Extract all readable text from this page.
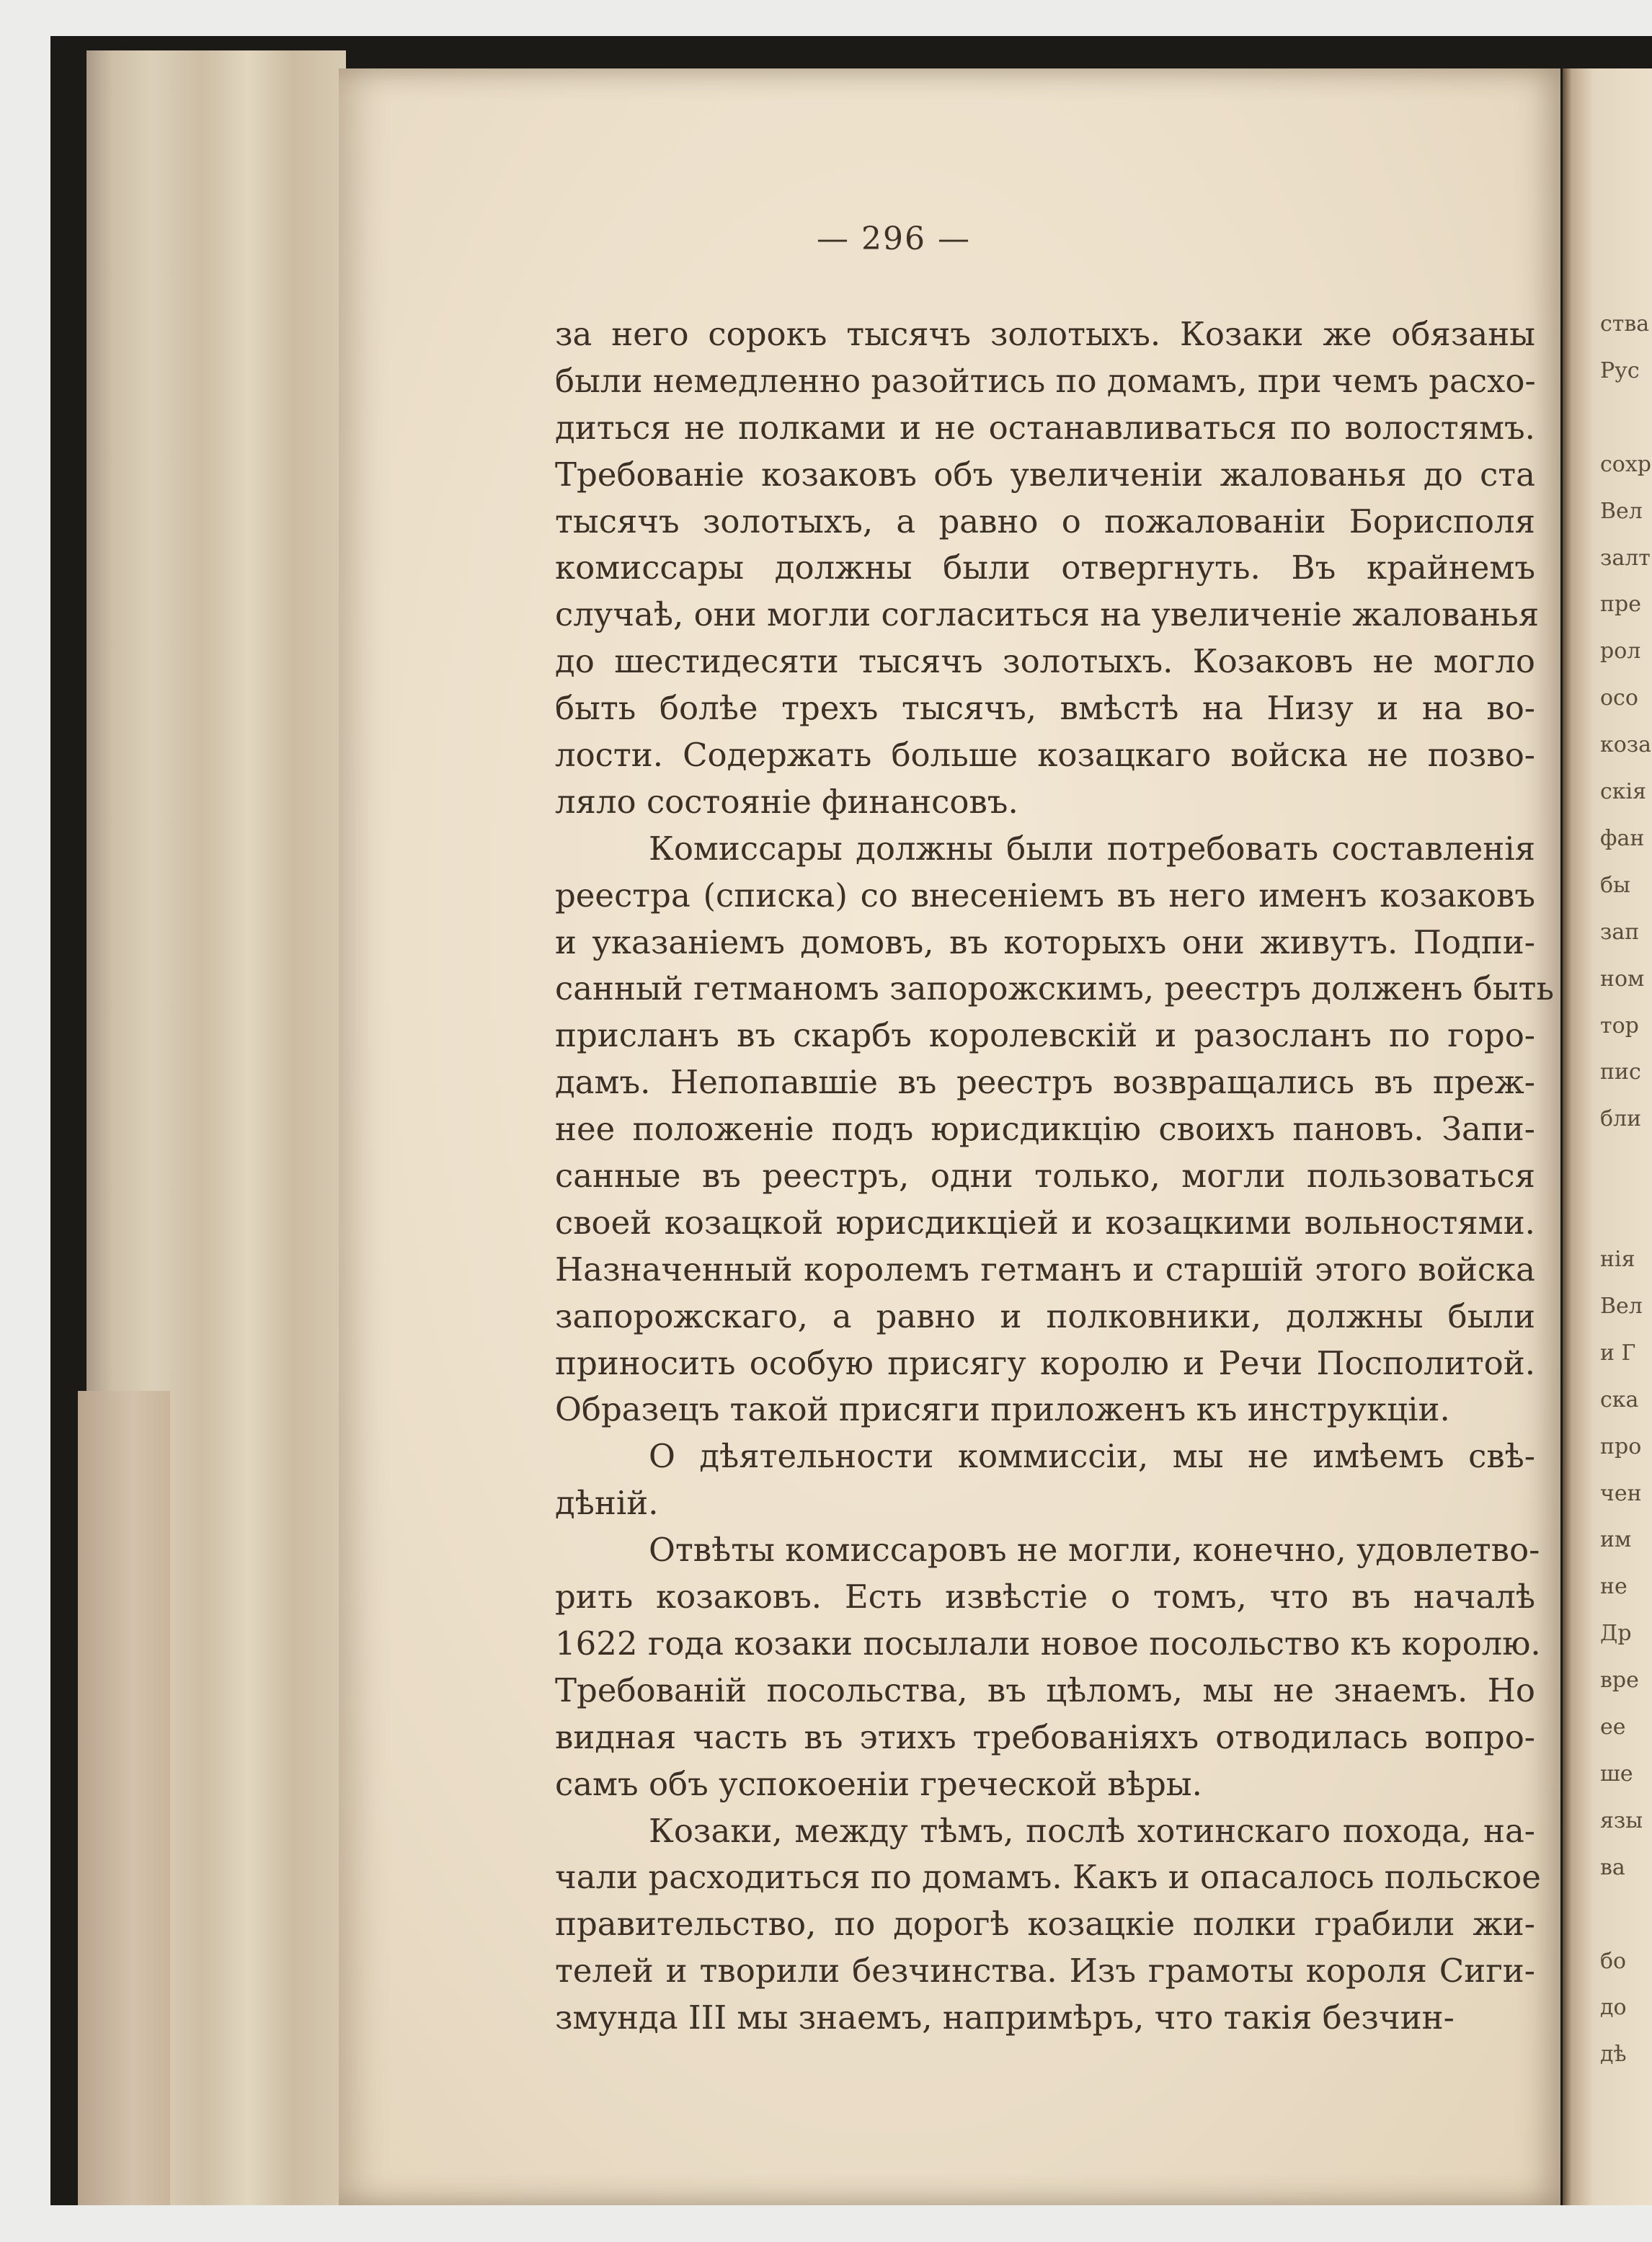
ства
Рус
сохр
Вел
залт
пре
рол
осо
коза
скія
фан
бы
зап
ном
тор
пис
бли
нія
Вел
и Г
ска
про
чен
им
не
Др
вре
ее
ше
язы
ва
бо
до
дѣ
— 296 —
за него сорокъ тысячъ золотыхъ. Козаки же обязаны
были немедленно разойтись по домамъ, при чемъ расхо-
диться не полками и не останавливаться по волостямъ.
Требованіе козаковъ объ увеличеніи жалованья до ста
тысячъ золотыхъ, а равно о пожалованіи Борисполя
комиссары должны были отвергнуть. Въ крайнемъ
случаѣ, они могли согласиться на увеличеніе жалованья
до шестидесяти тысячъ золотыхъ. Козаковъ не могло
быть болѣе трехъ тысячъ, вмѣстѣ на Низу и на во-
лости. Содержать больше козацкаго войска не позво-
ляло состояніе финансовъ.
Комиссары должны были потребовать составленія
реестра (списка) со внесеніемъ въ него именъ козаковъ
и указаніемъ домовъ, въ которыхъ они живутъ. Подпи-
санный гетманомъ запорожскимъ, реестръ долженъ быть
присланъ въ скарбъ королевскій и разосланъ по горо-
дамъ. Непопавшіе въ реестръ возвращались въ преж-
нее положеніе подъ юрисдикцію своихъ пановъ. Запи-
санные въ реестръ, одни только, могли пользоваться
своей козацкой юрисдикціей и козацкими вольностями.
Назначенный королемъ гетманъ и старшій этого войска
запорожскаго, а равно и полковники, должны были
приносить особую присягу королю и Речи Посполитой.
Образецъ такой присяги приложенъ къ инструкціи.
О дѣятельности коммиссіи, мы не имѣемъ свѣ-
дѣній.
Отвѣты комиссаровъ не могли, конечно, удовлетво-
рить козаковъ. Есть извѣстіе о томъ, что въ началѣ
1622 года козаки посылали новое посольство къ королю.
Требованій посольства, въ цѣломъ, мы не знаемъ. Но
видная часть въ этихъ требованіяхъ отводилась вопро-
самъ объ успокоеніи греческой вѣры.
Козаки, между тѣмъ, послѣ хотинскаго похода, на-
чали расходиться по домамъ. Какъ и опасалось польское
правительство, по дорогѣ козацкіе полки грабили жи-
телей и творили безчинства. Изъ грамоты короля Сиги-
змунда III мы знаемъ, напримѣръ, что такія безчин-
